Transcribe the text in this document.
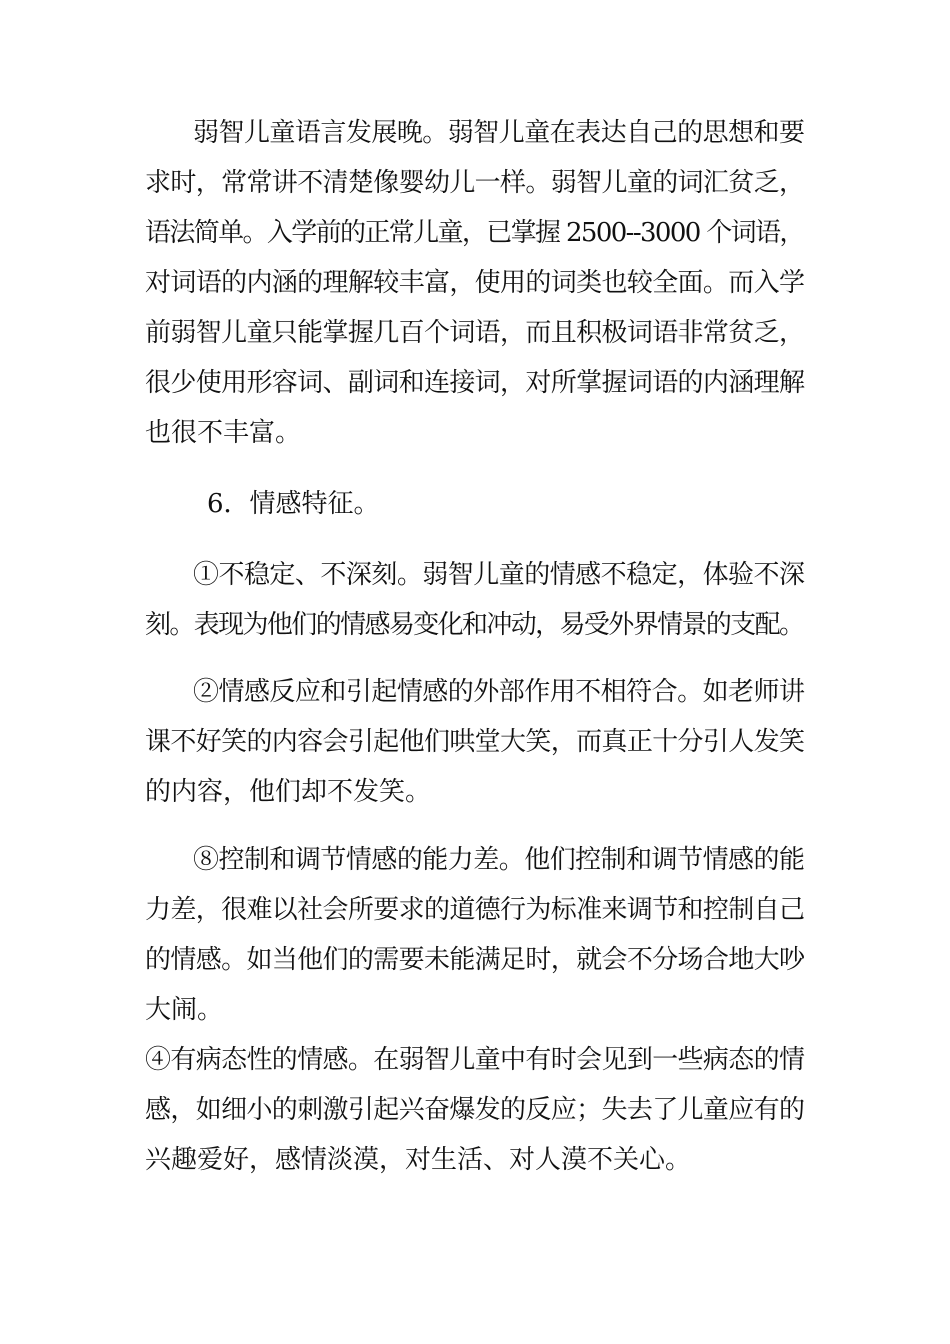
弱智儿童语言发展晚。弱智儿童在表达自己的思想和要
求时，常常讲不清楚像婴幼儿一样。弱智儿童的词汇贫乏，
语法简单。入学前的正常儿童，已掌握 2500--3000 个词语，
对词语的内涵的理解较丰富，使用的词类也较全面。而入学
前弱智儿童只能掌握几百个词语，而且积极词语非常贫乏，
很少使用形容词、副词和连接词，对所掌握词语的内涵理解
也很不丰富。
6．情感特征。
①不稳定、不深刻。弱智儿童的情感不稳定，体验不深
刻。表现为他们的情感易变化和冲动，易受外界情景的支配。
②情感反应和引起情感的外部作用不相符合。如老师讲
课不好笑的内容会引起他们哄堂大笑，而真正十分引人发笑
的内容，他们却不发笑。
⑧控制和调节情感的能力差。他们控制和调节情感的能
力差，很难以社会所要求的道德行为标准来调节和控制自己
的情感。如当他们的需要未能满足时，就会不分场合地大吵
大闹。
④有病态性的情感。在弱智儿童中有时会见到一些病态的情
感，如细小的刺激引起兴奋爆发的反应；失去了儿童应有的
兴趣爱好，感情淡漠，对生活、对人漠不关心。
